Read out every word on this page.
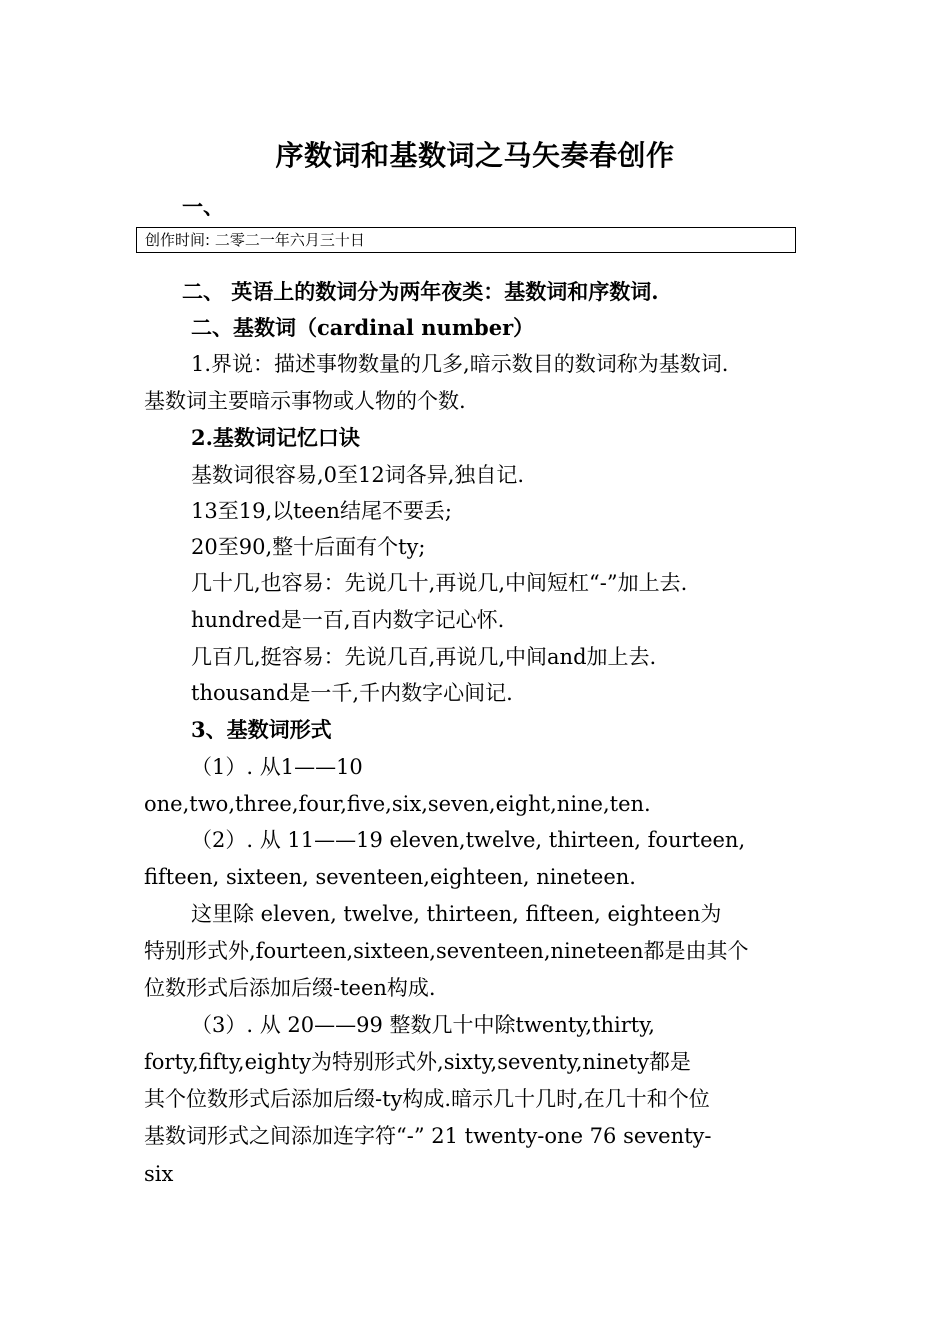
序数词和基数词之马矢奏春创作
一、
创作时间: 二零二一年六月三十日
二、 英语上的数词分为两年夜类：基数词和序数词.
二、基数词（cardinal number）
1.界说：描述事物数量的几多,暗示数目的数词称为基数词.
基数词主要暗示事物或人物的个数.
2.基数词记忆口诀
基数词很容易,0至12词各异,独自记.
13至19,以teen结尾不要丢;
20至90,整十后面有个ty;
几十几,也容易：先说几十,再说几,中间短杠“-”加上去.
hundred是一百,百内数字记心怀.
几百几,挺容易：先说几百,再说几,中间and加上去.
thousand是一千,千内数字心间记.
3、基数词形式
（1）. 从1——10
one,two,three,four,five,six,seven,eight,nine,ten.
（2）. 从 11——19 eleven,twelve, thirteen, fourteen,
fifteen, sixteen, seventeen,eighteen, nineteen.
这里除 eleven, twelve, thirteen, fifteen, eighteen为
特别形式外,fourteen,sixteen,seventeen,nineteen都是由其个
位数形式后添加后缀-teen构成.
（3）. 从 20——99 整数几十中除twenty,thirty,
forty,fifty,eighty为特别形式外,sixty,seventy,ninety都是
其个位数形式后添加后缀-ty构成.暗示几十几时,在几十和个位
基数词形式之间添加连字符“-” 21 twenty-one 76 seventy-
six
